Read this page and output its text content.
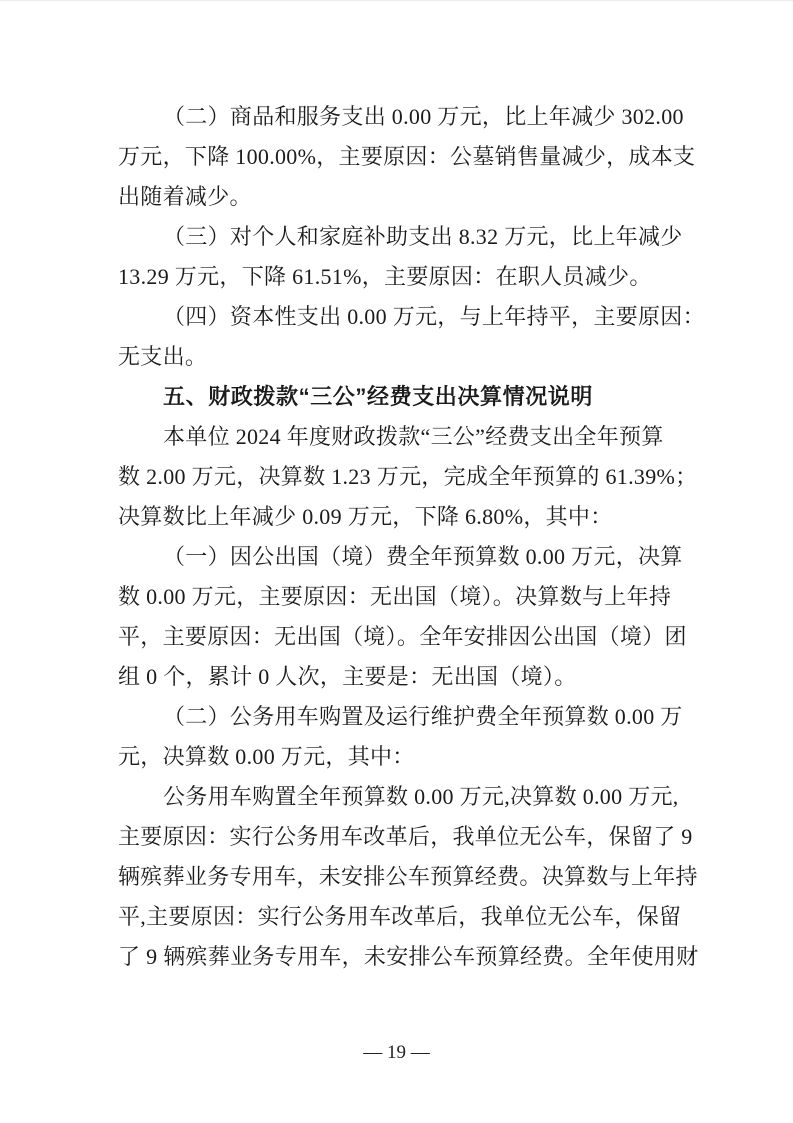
（二）商品和服务支出 0.00 万元，比上年减少 302.00
万元，下降 100.00%，主要原因：公墓销售量减少，成本支
出随着减少。
（三）对个人和家庭补助支出 8.32 万元，比上年减少
13.29 万元，下降 61.51%，主要原因：在职人员减少。
（四）资本性支出 0.00 万元，与上年持平，主要原因：
无支出。
五、财政拨款“三公”经费支出决算情况说明
本单位 2024 年度财政拨款“三公”经费支出全年预算
数 2.00 万元，决算数 1.23 万元，完成全年预算的 61.39%；
决算数比上年减少 0.09 万元，下降 6.80%，其中：
（一）因公出国（境）费全年预算数 0.00 万元，决算
数 0.00 万元，主要原因：无出国（境）。决算数与上年持
平，主要原因：无出国（境）。全年安排因公出国（境）团
组 0 个，累计 0 人次，主要是：无出国（境）。
（二）公务用车购置及运行维护费全年预算数 0.00 万
元，决算数 0.00 万元，其中：
公务用车购置全年预算数 0.00 万元,决算数 0.00 万元,
主要原因：实行公务用车改革后，我单位无公车，保留了 9
辆殡葬业务专用车，未安排公车预算经费。决算数与上年持
平,主要原因：实行公务用车改革后，我单位无公车，保留
了 9 辆殡葬业务专用车，未安排公车预算经费。全年使用财
— 19 —
